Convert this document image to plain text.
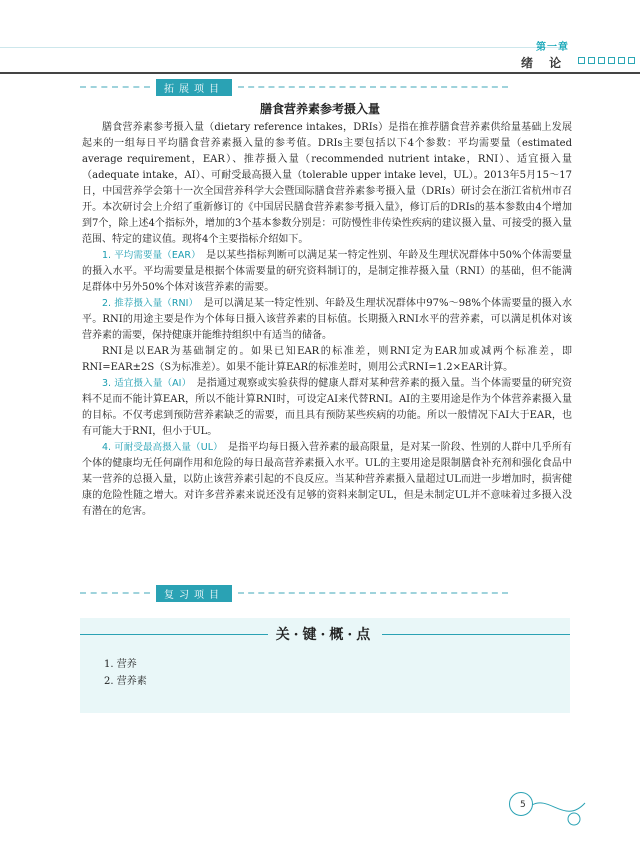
第一章
绪 论
拓展项目
膳食营养素参考摄入量

膳食营养素参考摄入量（dietary reference intakes，DRIs）是指在推荐膳食营养素供给量基础上发展起来的一组每日平均膳食营养素摄入量的参考值。DRIs主要包括以下4个参数：平均需要量（estimated average requirement，EAR）、推荐摄入量（recommended nutrient intake，RNI）、适宜摄入量（adequate intake，AI）、可耐受最高摄入量（tolerable upper intake level，UL）。2013年5月15～17日，中国营养学会第十一次全国营养科学大会暨国际膳食营养素参考摄入量（DRIs）研讨会在浙江省杭州市召开。本次研讨会上介绍了重新修订的《中国居民膳食营养素参考摄入量》，修订后的DRIs的基本参数由4个增加到7个，除上述4个指标外，增加的3个基本参数分别是：可防慢性非传染性疾病的建议摄入量、可接受的摄入量范围、特定的建议值。现将4个主要指标介绍如下。

1. 平均需要量（EAR）　 是以某些指标判断可以满足某一特定性别、年龄及生理状况群体中50%个体需要量的摄入水平。平均需要量是根据个体需要量的研究资料制订的，是制定推荐摄入量（RNI）的基础，但不能满足群体中另外50%个体对该营养素的需要。

2. 推荐摄入量（RNI）　 是可以满足某一特定性别、年龄及生理状况群体中97%～98%个体需要量的摄入水平。RNI的用途主要是作为个体每日摄入该营养素的目标值。长期摄入RNI水平的营养素，可以满足机体对该营养素的需要，保持健康并能维持组织中有适当的储备。

RNI是以EAR为基础制定的。如果已知EAR的标准差，则RNI定为EAR加或减两个标准差，即RNI=EAR±2S（S为标准差）。如果不能计算EAR的标准差时，则用公式RNI=1.2×EAR计算。

3. 适宜摄入量（AI）　 是指通过观察或实验获得的健康人群对某种营养素的摄入量。当个体需要量的研究资料不足而不能计算EAR，所以不能计算RNI时，可设定AI来代替RNI。AI的主要用途是作为个体营养素摄入量的目标。不仅考虑到预防营养素缺乏的需要，而且具有预防某些疾病的功能。所以一般情况下AI大于EAR，也有可能大于RNI，但小于UL。

4. 可耐受最高摄入量（UL）　 是指平均每日摄入营养素的最高限量，是对某一阶段、性别的人群中几乎所有个体的健康均无任何副作用和危险的每日最高营养素摄入水平。UL的主要用途是限制膳食补充剂和强化食品中某一营养的总摄入量，以防止该营养素引起的不良反应。当某种营养素摄入量超过UL而进一步增加时，损害健康的危险性随之增大。对许多营养素来说还没有足够的资料来制定UL，但是未制定UL并不意味着过多摄入没有潜在的危害。

复习项目
关·键·概·点
1. 营养
2. 营养素
5
